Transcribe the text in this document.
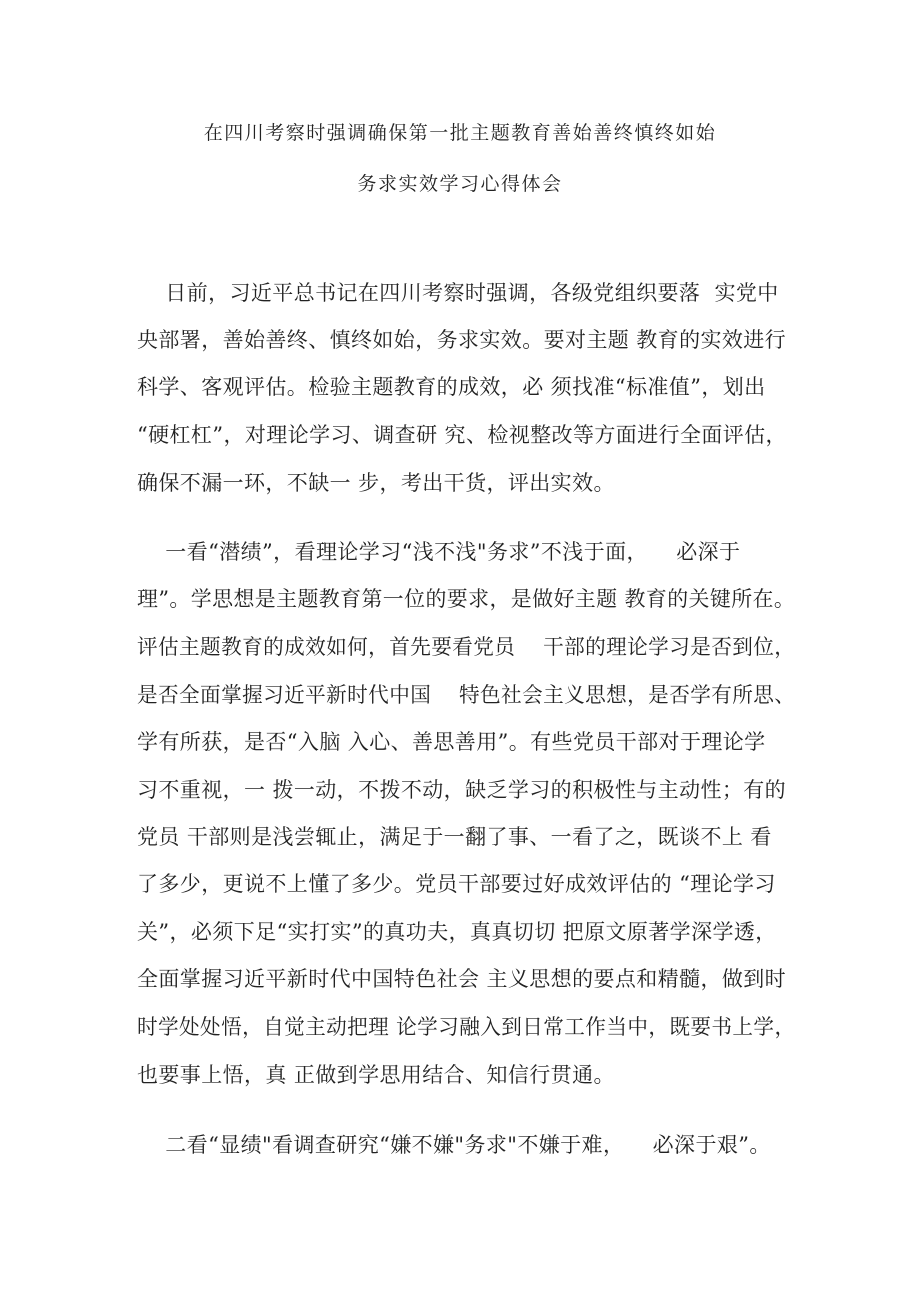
在四川考察时强调确保第一批主题教育善始善终慎终如始
务求实效学习心得体会
日前，习近平总书记在四川考察时强调，各级党组织要落  实党中
央部署，善始善终、慎终如始，务求实效。要对主题 教育的实效进行
科学、客观评估。检验主题教育的成效，必 须找准“标准值”，划出
“硬杠杠”，对理论学习、调查研 究、检视整改等方面进行全面评估，
确保不漏一环，不缺一 步，考出干货，评出实效。
一看“潜绩”，看理论学习“浅不浅"务求”不浅于面，    必深于
理”。学思想是主题教育第一位的要求，是做好主题 教育的关键所在。
评估主题教育的成效如何，首先要看党员    干部的理论学习是否到位，
是否全面掌握习近平新时代中国    特色社会主义思想，是否学有所思、
学有所获，是否“入脑 入心、善思善用”。有些党员干部对于理论学
习不重视，一 拨一动，不拨不动，缺乏学习的积极性与主动性；有的
党员 干部则是浅尝辄止，满足于一翻了事、一看了之，既谈不上 看
了多少，更说不上懂了多少。党员干部要过好成效评估的 “理论学习
关”，必须下足“实打实”的真功夫，真真切切 把原文原著学深学透，
全面掌握习近平新时代中国特色社会 主义思想的要点和精髓，做到时
时学处处悟，自觉主动把理 论学习融入到日常工作当中，既要书上学，
也要事上悟，真 正做到学思用结合、知信行贯通。
二看“显绩"看调查研究“嫌不嫌"务求"不嫌于难，    必深于艰”。
